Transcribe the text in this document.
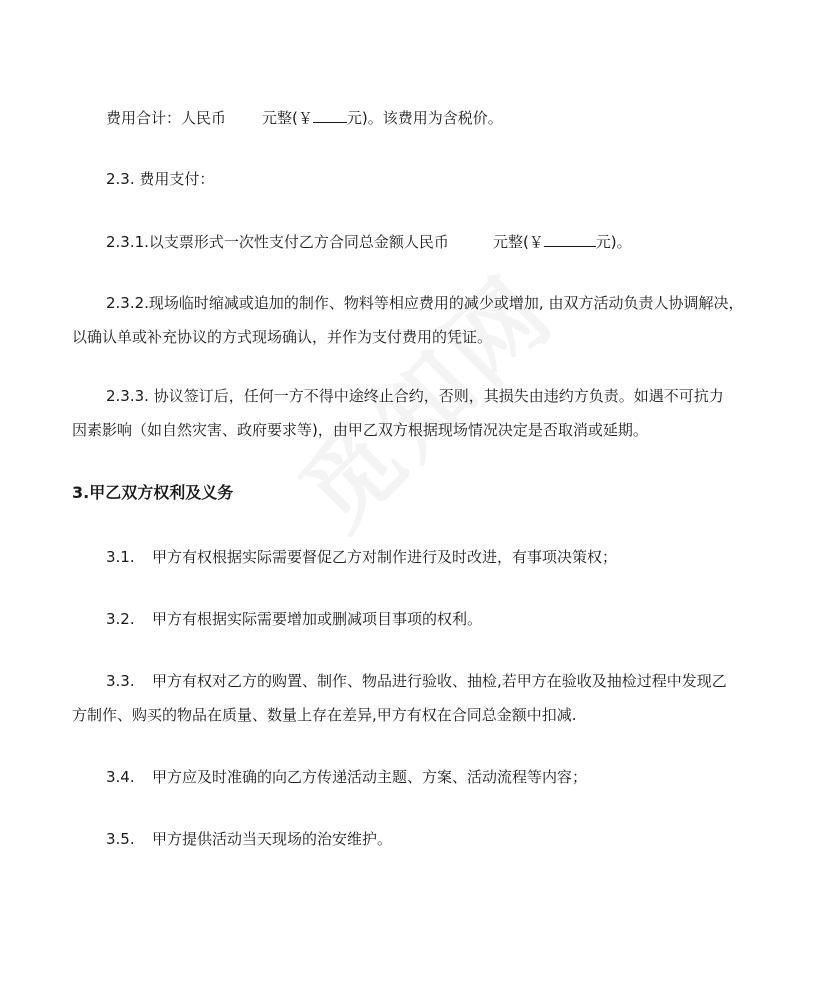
费用合计：人民币 元整(￥ 元)。该费用为含税价。
2.3. 费用支付：
2.3.1.以支票形式一次性支付乙方合同总金额人民币	元整(￥	元)。
2.3.2.现场临时缩减或追加的制作、物料等相应费用的减少或增加, 由双方活动负责人协调解决，
以确认单或补充协议的方式现场确认，并作为支付费用的凭证。
2.3.3. 协议签订后，任何一方不得中途终止合约，否则，其损失由违约方负责。如遇不可抗力
因素影响（如自然灾害、政府要求等)，由甲乙双方根据现场情况决定是否取消或延期。
3.甲乙双方权利及义务
3.1. 甲方有权根据实际需要督促乙方对制作进行及时改进，有事项决策权；
3.2. 甲方有根据实际需要增加或删减项目事项的权利。
3.3. 甲方有权对乙方的购置、制作、物品进行验收、抽检,若甲方在验收及抽检过程中发现乙
方制作、购买的物品在质量、数量上存在差异,甲方有权在合同总金额中扣减.
3.4. 甲方应及时准确的向乙方传递活动主题、方案、活动流程等内容；
3.5. 甲方提供活动当天现场的治安维护。
